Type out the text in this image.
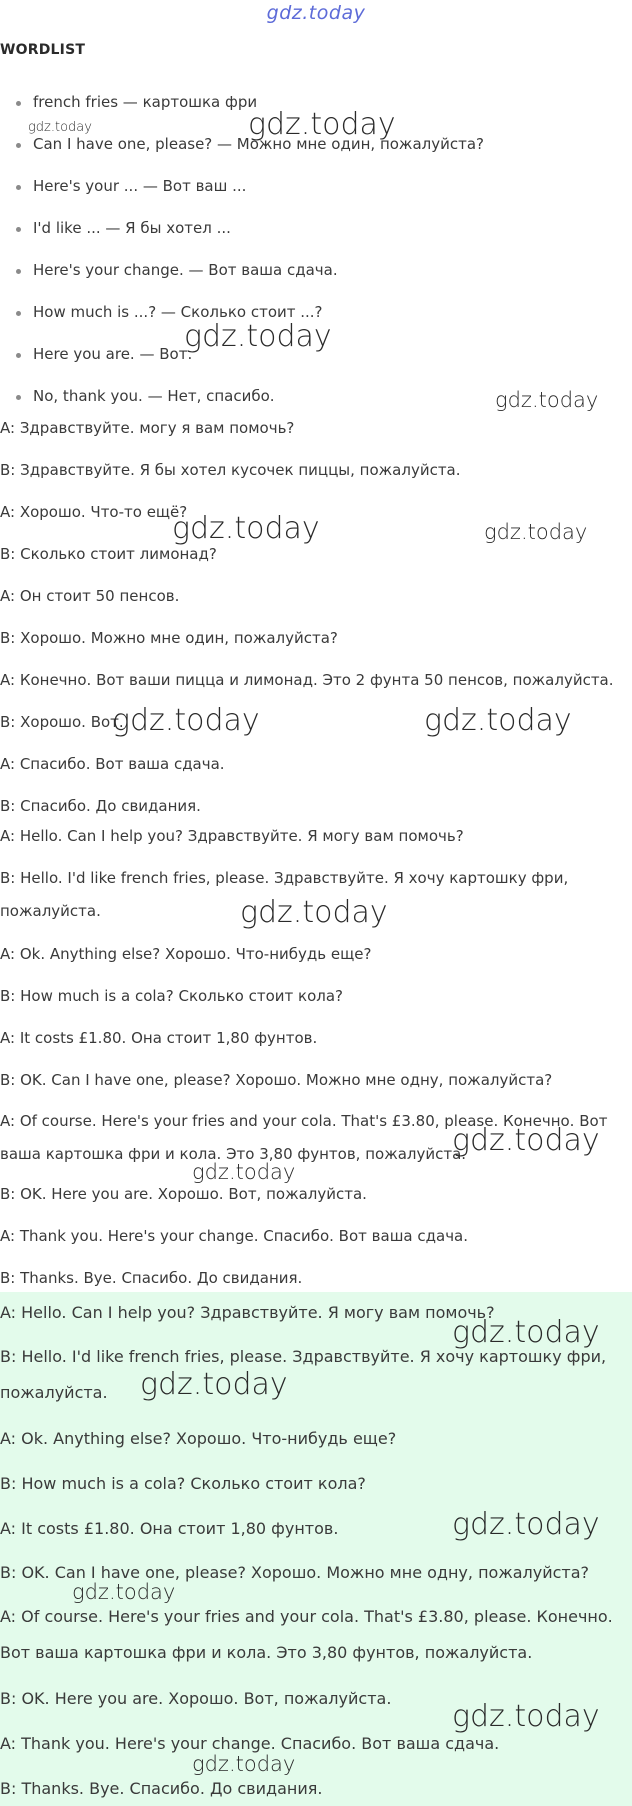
gdz.today
WORDLIST
french fries — картошка фри
Can I have one, please? — Можно мне один, пожалуйста?
Here's your ... — Вот ваш ...
I'd like ... — Я бы хотел ...
Here's your change. — Вот ваша сдача.
How much is ...? — Сколько стоит ...?
Here you are. — Вот.
No, thank you. — Нет, спасибо.
A: Здравствуйте. могу я вам помочь?
B: Здравствуйте. Я бы хотел кусочек пиццы, пожалуйста.
A: Хорошо. Что-то ещё?
B: Сколько стоит лимонад?
A: Он стоит 50 пенсов.
B: Хорошо. Можно мне один, пожалуйста?
A: Конечно. Вот ваши пицца и лимонад. Это 2 фунта 50 пенсов, пожалуйста.
B: Хорошо. Вот.
A: Спасибо. Вот ваша сдача.
B: Спасибо. До свидания.
A: Hello. Can I help you? Здравствуйте. Я могу вам помочь?
B: Hello. I'd like french fries, please. Здравствуйте. Я хочу картошку фри, пожалуйста.
A: Ok. Anything else? Хорошо. Что-нибудь еще?
B: How much is a cola? Сколько стоит кола?
A: It costs £1.80. Она стоит 1,80 фунтов.
B: OK. Can I have one, please? Хорошо. Можно мне одну, пожалуйста?
A: Of course. Here's your fries and your cola. That's £3.80, please. Конечно. Вот ваша картошка фри и кола. Это 3,80 фунтов, пожалуйста.
B: OK. Here you are. Хорошо. Вот, пожалуйста.
A: Thank you. Here's your change. Спасибо. Вот ваша сдача.
B: Thanks. Bye. Спасибо. До свидания.
A: Hello. Can I help you? Здравствуйте. Я могу вам помочь?
B: Hello. I'd like french fries, please. Здравствуйте. Я хочу картошку фри, пожалуйста.
A: Ok. Anything else? Хорошо. Что-нибудь еще?
B: How much is a cola? Сколько стоит кола?
A: It costs £1.80. Она стоит 1,80 фунтов.
B: OK. Can I have one, please? Хорошо. Можно мне одну, пожалуйста?
A: Of course. Here's your fries and your cola. That's £3.80, please. Конечно. Вот ваша картошка фри и кола. Это 3,80 фунтов, пожалуйста.
B: OK. Here you are. Хорошо. Вот, пожалуйста.
A: Thank you. Here's your change. Спасибо. Вот ваша сдача.
B: Thanks. Bye. Спасибо. До свидания.
gdz.today	gdz.today
gdz.today
gdz.today
gdz.today	gdz.today
gdz.today	gdz.today
gdz.today
gdz.today
gdz.today
gdz.today
gdz.today
gdz.today
gdz.today
gdz.today
gdz.today
